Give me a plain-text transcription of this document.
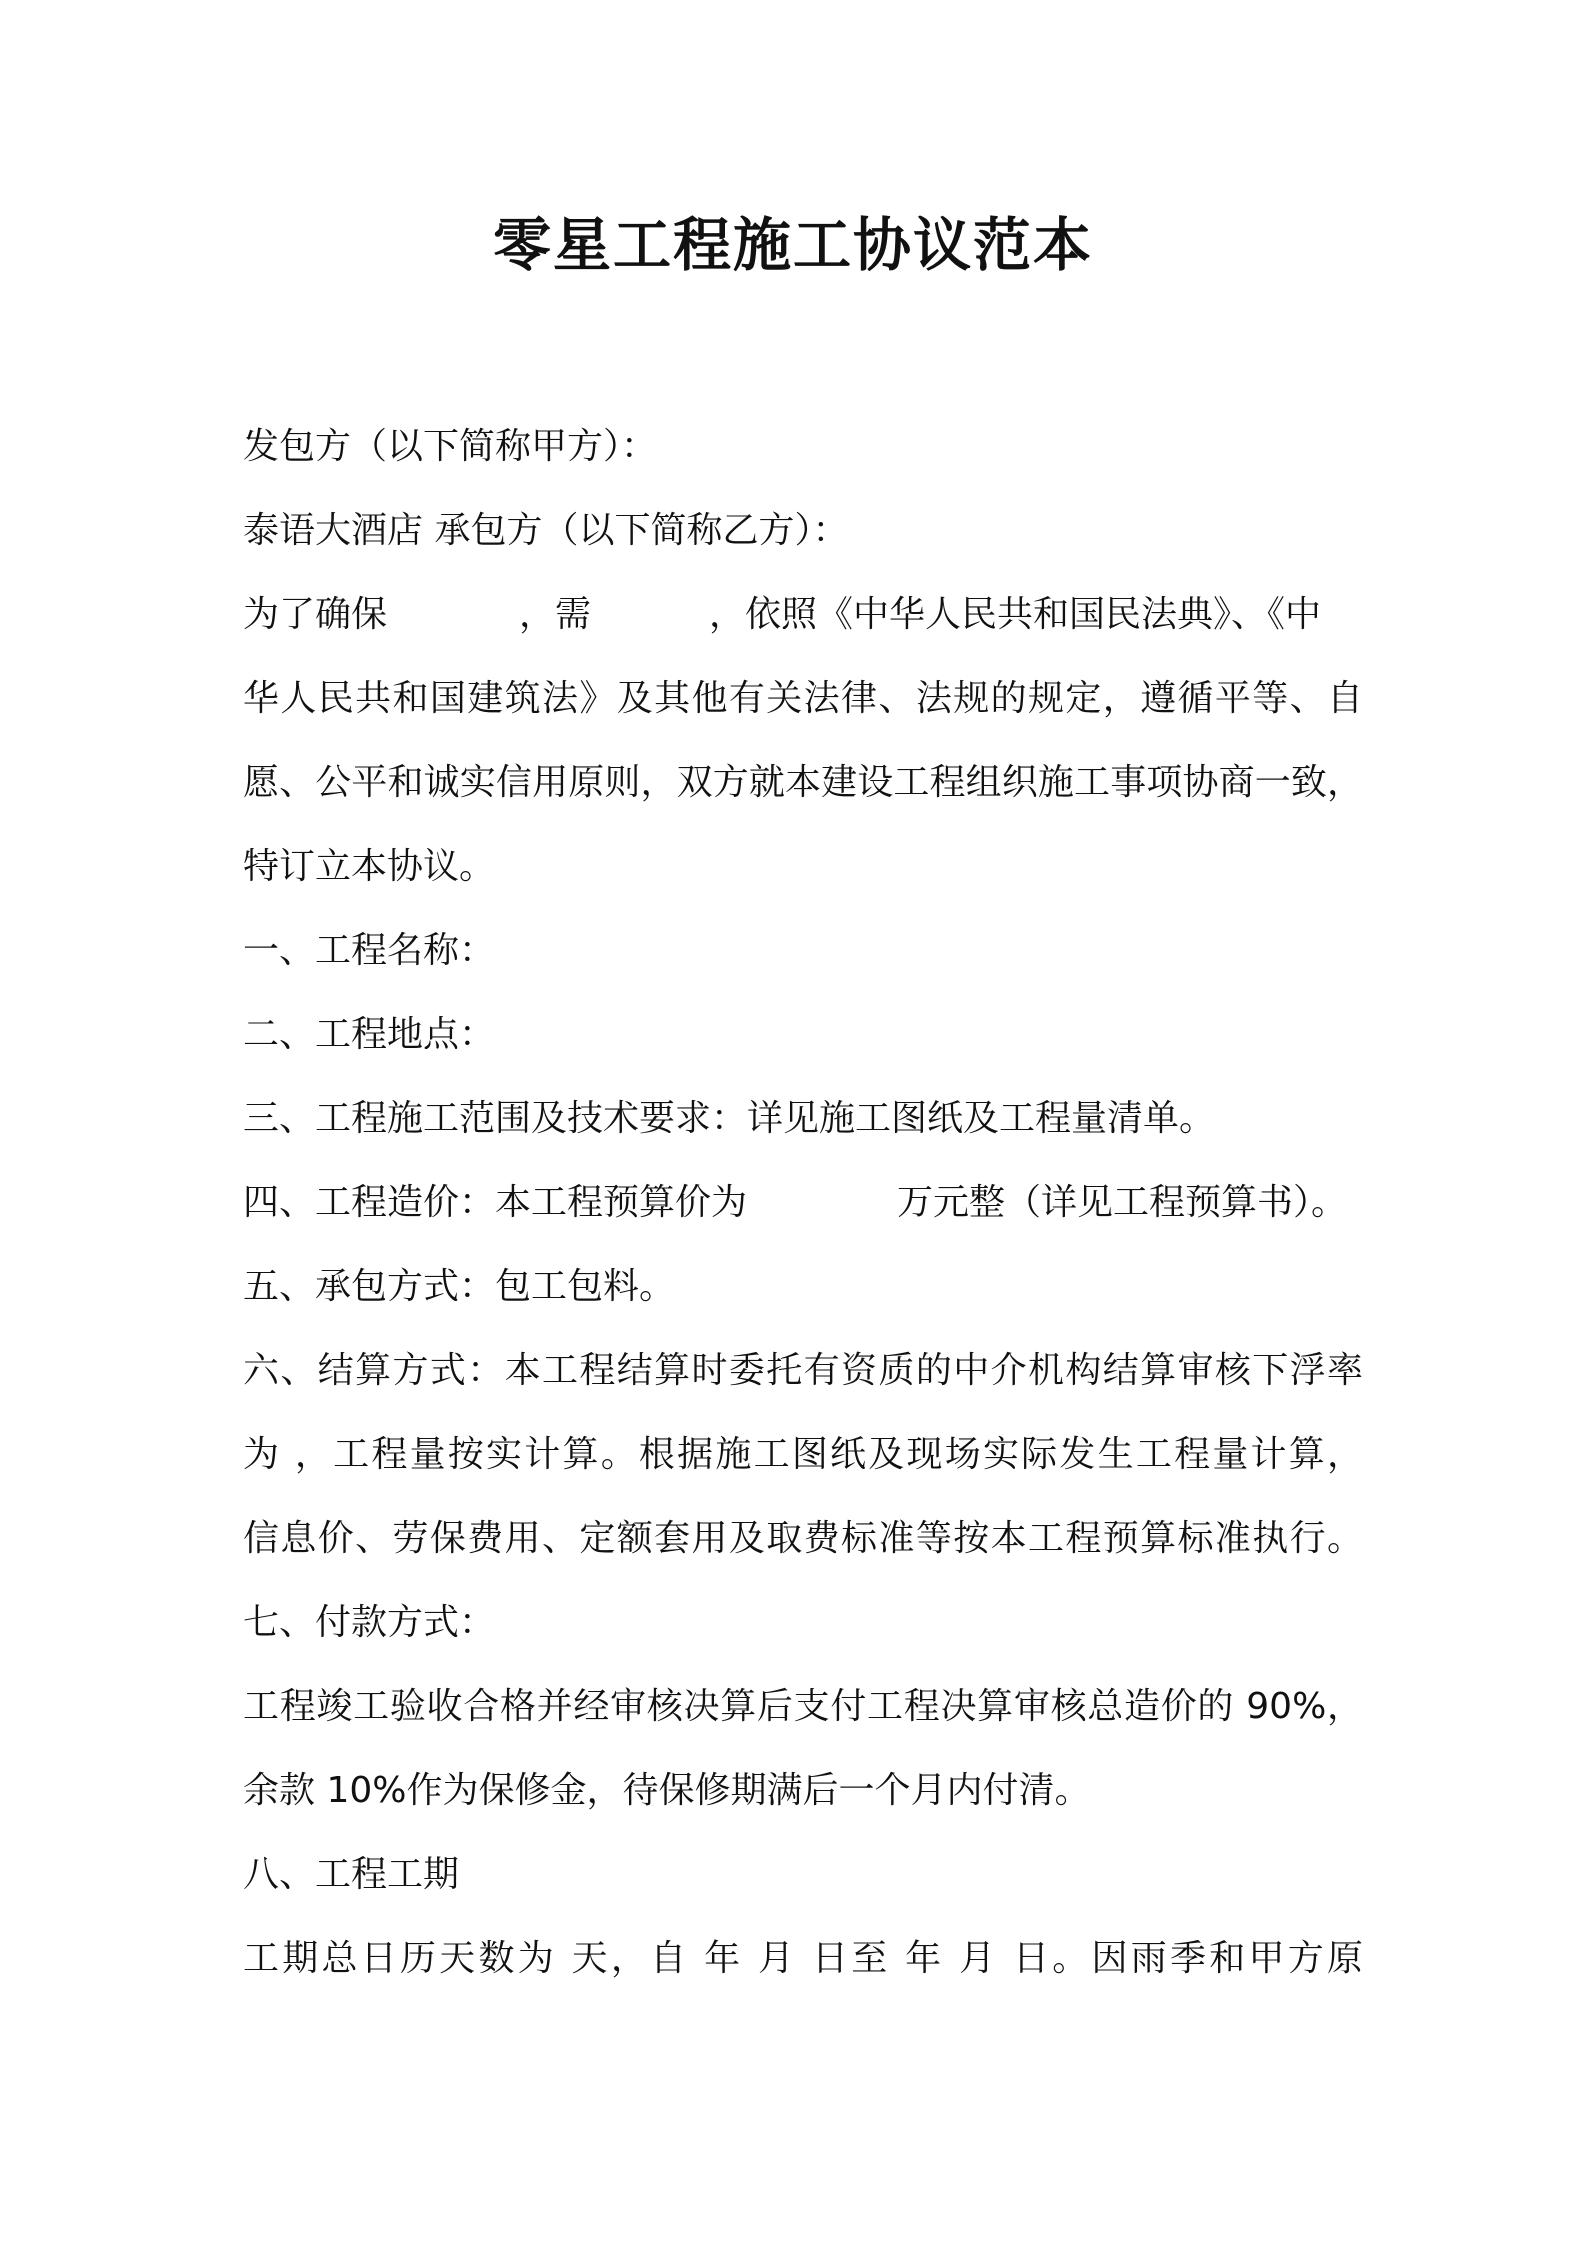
零星工程施工协议范本
发包方（以下简称甲方）：
泰语大酒店 承包方（以下简称乙方）：
为了确保	，需	，依照《中华人民共和国民法典》、《中
华人民共和国建筑法》及其他有关法律、法规的规定，遵循平等、自
愿、公平和诚实信用原则，双方就本建设工程组织施工事项协商一致，
特订立本协议。
一、工程名称：
二、工程地点：
三、工程施工范围及技术要求：详见施工图纸及工程量清单。
四、工程造价：本工程预算价为	万元整（详见工程预算书）。
五、承包方式：包工包料。
六、结算方式：本工程结算时委托有资质的中介机构结算审核下浮率
为 ，工程量按实计算。根据施工图纸及现场实际发生工程量计算，
信息价、劳保费用、定额套用及取费标准等按本工程预算标准执行。
七、付款方式：
工程竣工验收合格并经审核决算后支付工程决算审核总造价的 90%，
余款 10%作为保修金，待保修期满后一个月内付清。
八、工程工期
工期总日历天数为 天，自 年 月 日至 年 月 日。因雨季和甲方原
